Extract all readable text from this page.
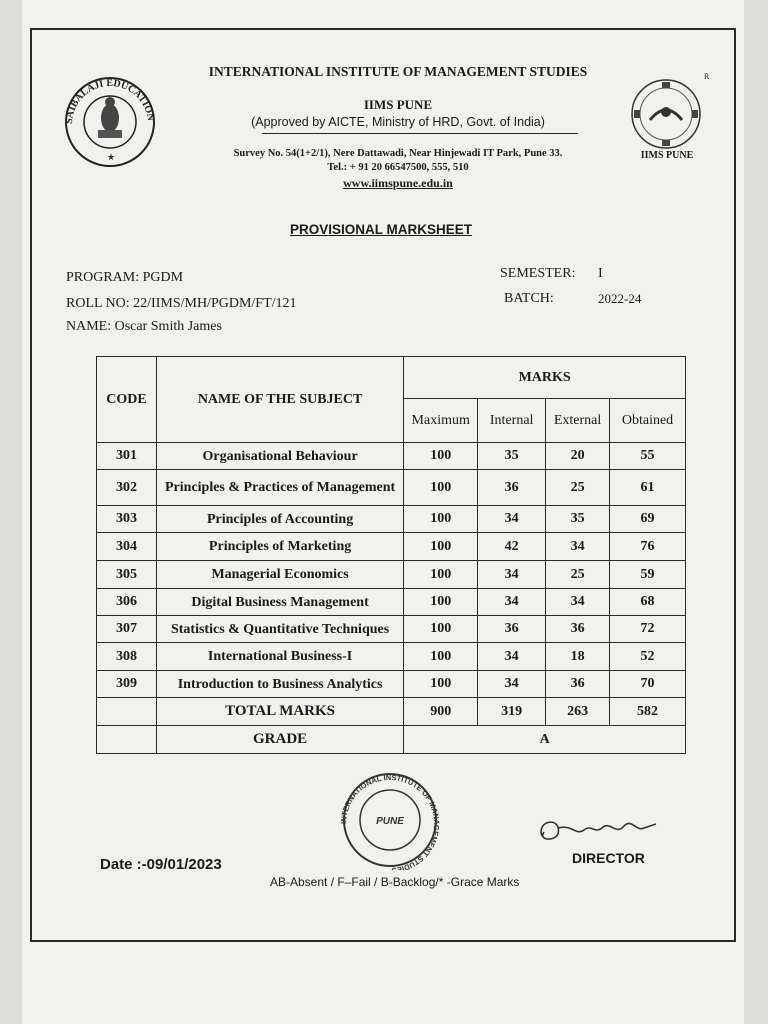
SAIBALAJI EDUCATION
★
INTERNATIONAL INSTITUTE OF MANAGEMENT STUDIES
IIMS PUNE
(Approved by AICTE, Ministry of HRD, Govt. of India)
Survey No. 54(1+2/1), Nere Dattawadi, Near Hinjewadi IT Park, Pune 33.
Tel.: + 91 20 66547500, 555, 510
www.iimspune.edu.in
R
IIMS PUNE
PROVISIONAL MARKSHEET
PROGRAM: PGDM
ROLL NO: 22/IIMS/MH/PGDM/FT/121
NAME: Oscar Smith James
SEMESTER: I
BATCH:	2022-24
CODE	NAME OF THE SUBJECT	MARKS			
		Maximum	Internal	External	Obtained
301	Organisational Behaviour	100	35	20	55
302	Principles & Practices of Management	100	36	25	61
303	Principles of Accounting	100	34	35	69
304	Principles of Marketing	100	42	34	76
305	Managerial Economics	100	34	25	59
306	Digital Business Management	100	34	34	68
307	Statistics & Quantitative Techniques	100	36	36	72
308	International Business-I	100	34	18	52
309	Introduction to Business Analytics	100	34	36	70
	TOTAL MARKS	900	319	263	582
	GRADE	A			
INTERNATIONAL INSTITUTE OF MANAGEMENT STUDIE
PUNE
Dokesh
DIRECTOR
Date :-09/01/2023
AB-Absent / F–Fail / B-Backlog/* -Grace Marks
